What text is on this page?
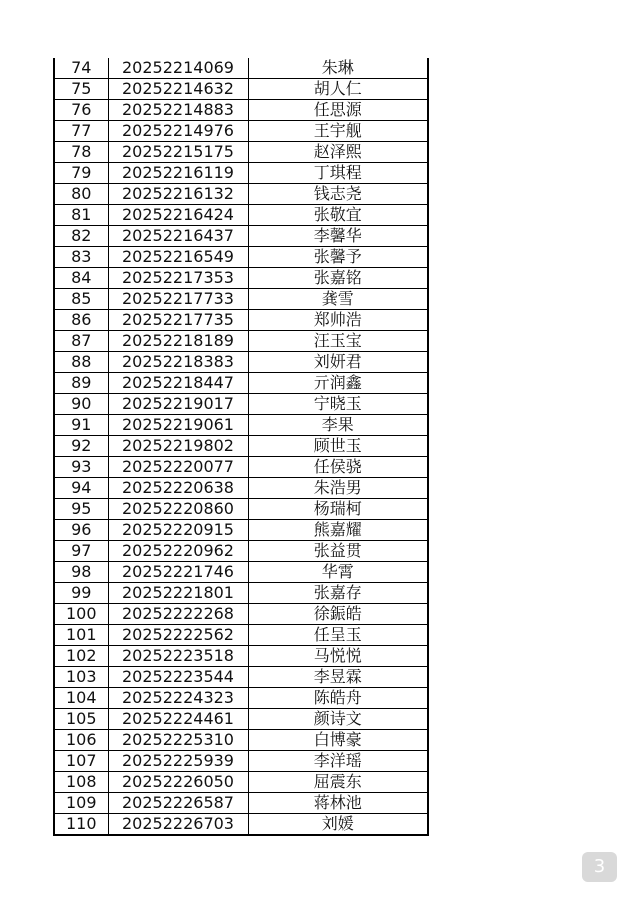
74	20252214069	朱琳
75	20252214632	胡人仁
76	20252214883	任思源
77	20252214976	王宇舰
78	20252215175	赵泽熙
79	20252216119	丁琪程
80	20252216132	钱志尧
81	20252216424	张敬宜
82	20252216437	李馨华
83	20252216549	张馨予
84	20252217353	张嘉铭
85	20252217733	龚雪
86	20252217735	郑帅浩
87	20252218189	汪玉宝
88	20252218383	刘妍君
89	20252218447	亓润鑫
90	20252219017	宁晓玉
91	20252219061	李果
92	20252219802	顾世玉
93	20252220077	任侯骁
94	20252220638	朱浩男
95	20252220860	杨瑞柯
96	20252220915	熊嘉耀
97	20252220962	张益贯
98	20252221746	华霄
99	20252221801	张嘉存
100	20252222268	徐鋠皓
101	20252222562	任呈玉
102	20252223518	马悦悦
103	20252223544	李昱霖
104	20252224323	陈皓舟
105	20252224461	颜诗文
106	20252225310	白博豪
107	20252225939	李洋瑶
108	20252226050	屈震东
109	20252226587	蒋林池
110	20252226703	刘媛
3
